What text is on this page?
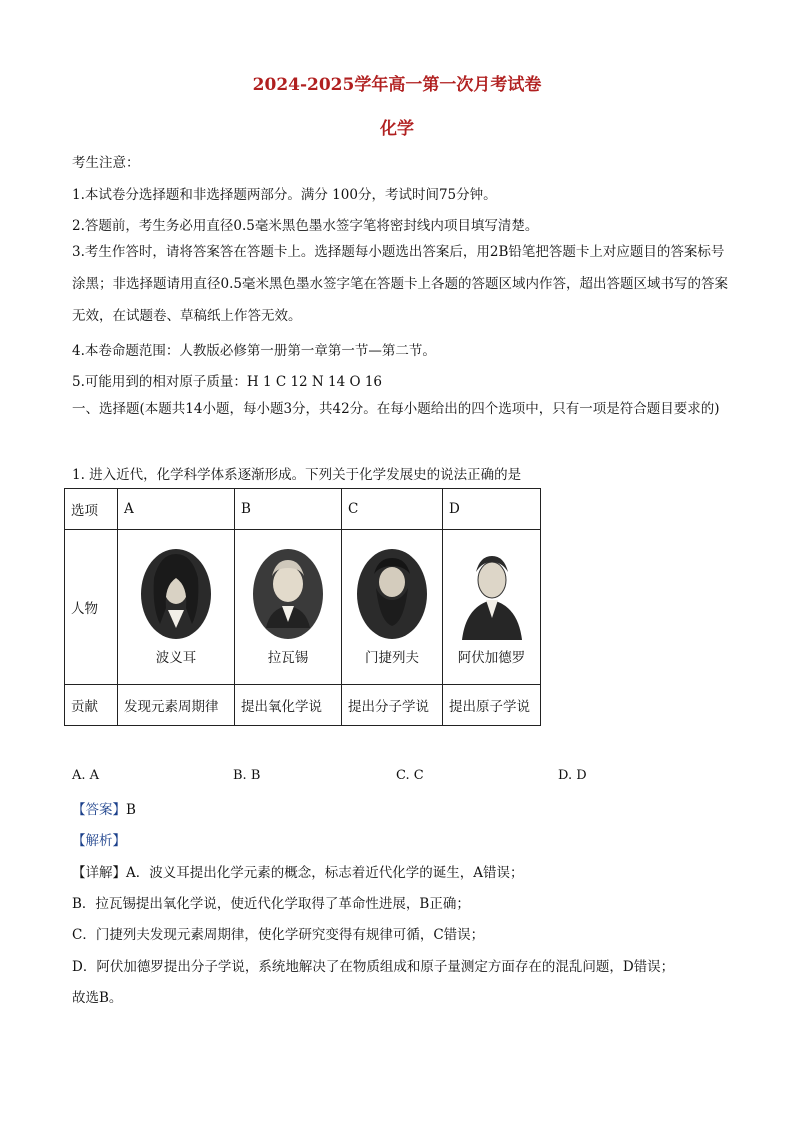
2024-2025学年高一第一次月考试卷
化学
考生注意：
1.本试卷分选择题和非选择题两部分。满分 100分，考试时间75分钟。
2.答题前，考生务必用直径0.5毫米黑色墨水签字笔将密封线内项目填写清楚。
3.考生作答时，请将答案答在答题卡上。选择题每小题选出答案后，用2B铅笔把答题卡上对应题目的答案标号涂黑；非选择题请用直径0.5毫米黑色墨水签字笔在答题卡上各题的答题区域内作答，超出答题区域书写的答案无效，在试题卷、草稿纸上作答无效。
4.本卷命题范围：人教版必修第一册第一章第一节—第二节。
5.可能用到的相对原子质量：H 1 C 12 N 14 O 16
一、选择题(本题共14小题，每小题3分，共42分。在每小题给出的四个选项中，只有一项是符合题目要求的)
1. 进入近代，化学科学体系逐渐形成。下列关于化学发展史的说法正确的是
选项	A	B	C	D
人物	波义耳	拉瓦锡	门捷列夫	阿伏加德罗

贡献	发现元素周期律	提出氧化学说	提出分子学说	提出原子学说
A. A	B. B	C. C	D. D
【答案】B
【解析】
【详解】A．波义耳提出化学元素的概念，标志着近代化学的诞生，A错误；
B．拉瓦锡提出氧化学说，使近代化学取得了革命性进展，B正确；
C．门捷列夫发现元素周期律，使化学研究变得有规律可循，C错误；
D．阿伏加德罗提出分子学说，系统地解决了在物质组成和原子量测定方面存在的混乱问题，D错误；
故选B。
